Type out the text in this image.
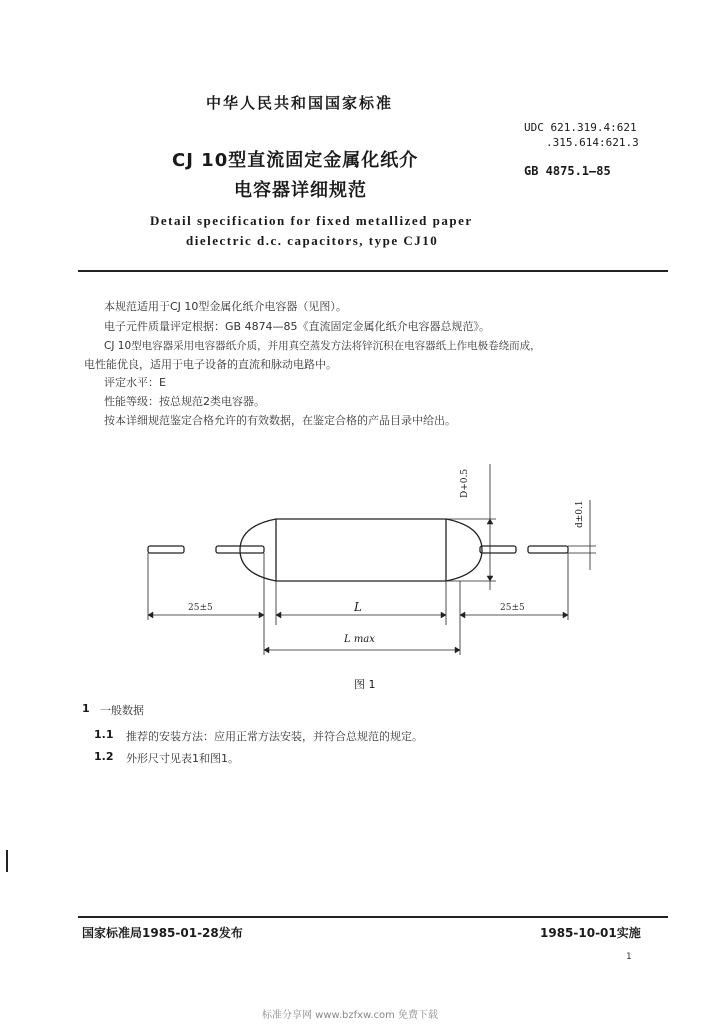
中华人民共和国国家标准
UDC 621.319.4:621
.315.614:621.3
GB 4875.1—85
CJ 10型直流固定金属化纸介
电容器详细规范
Detail specification for fixed metallized paper
dielectric d.c. capacitors, type CJ10
本规范适用于CJ 10型金属化纸介电容器（见图）。
电子元件质量评定根据：GB 4874—85《直流固定金属化纸介电容器总规范》。
CJ 10型电容器采用电容器纸介质，并用真空蒸发方法将锌沉积在电容器纸上作电极卷绕而成，
电性能优良，适用于电子设备的直流和脉动电路中。
评定水平：E
性能等级：按总规范2类电容器。
按本详细规范鉴定合格允许的有效数据，在鉴定合格的产品目录中给出。
25±5	25±5
L
L max
D+0.5
d±0.1
图 1
1 一般数据
1.1 推荐的安装方法：应用正常方法安装，并符合总规范的规定。
1.2 外形尺寸见表1和图1。
国家标准局1985-01-28发布	1985-10-01实施
1
标准分享网 www.bzfxw.com 免费下载
